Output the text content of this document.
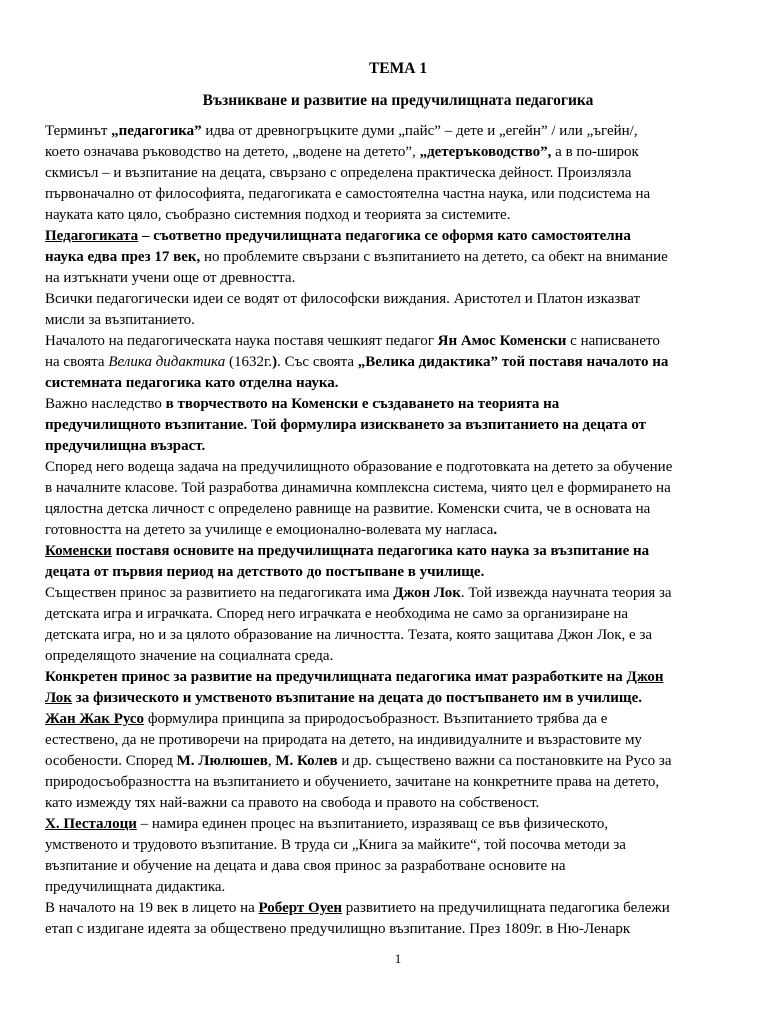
ТЕМА 1
Възникване и развитие на предучилищната педагогика
Терминът „педагогика” идва от древногръцките думи „пайс” – дете и „егейн” / или „ъгейн/,
което означава ръководство на детето, „водене на детето”, „детеръководство”, а в по-широк
скмисъл – и възпитание на децата, свързано с определена практическа дейност. Произлязла
първоначално от философията, педагогиката е самостоятелна частна наука, или подсистема на
науката като цяло, съобразно системния подход и теорията за системите.
Педагогиката – съответно предучилищната педагогика се оформя като самостоятелна
наука едва през 17 век, но проблемите свързани с възпитанието на детето, са обект на внимание
на изтъкнати учени още от древността.
Всички педагогически идеи се водят от философски виждания. Аристотел и Платон изказват
мисли за възпитанието.
Началото на педагогическата наука поставя чешкият педагог Ян Амос Коменски с написването
на своята Велика дидактика (1632г.). Със своята „Велика дидактика” той поставя началото на
системната педагогика като отделна наука.
Важно наследство в творчеството на Коменски е създаването на теорията на
предучилищното възпитание. Той формулира изискването за възпитанието на децата от
предучилищна възраст.
Според него водеща задача на предучилищното образование е подготовката на детето за обучение
в началните класове. Той разработва динамична комплексна система, чиято цел е формирането на
цялостна детска личност с определено равнище на развитие. Коменски счита, че в основата на
готовността на детето за училище е емоционално-волевата му нагласа.
Коменски поставя основите на предучилищната педагогика като наука за възпитание на
децата от първия период на детството до постъпване в училище.
Съществен принос за развитието на педагогиката има Джон Лок. Той извежда научната теория за
детската игра и играчката. Според него играчката е необходима не само за организиране на
детската игра, но и за цялото образование на личността. Тезата, която защитава Джон Лок, е за
определящото значение на социалната среда.
Конкретен принос за развитие на предучилищната педагогика имат разработките на Джон
Лок за физическото и умственото възпитание на децата до постъпването им в училище.
Жан Жак Русо формулира принципа за природосъобразност. Възпитанието трябва да е
естествено, да не противоречи на природата на детето, на индивидуалните и възрастовите му
особености. Според М. Люлюшев, М. Колев и др. съществено важни са постановките на Русо за
природосъобразността на възпитанието и обучението, зачитане на конкретните права на детето,
като измежду тях най-важни са правото на свобода и правото на собственост.
Х. Песталоци – намира единен процес на възпитанието, изразяващ се във физическото,
умственото и трудовото възпитание. В труда си „Книга за майките“, той посочва методи за
възпитание и обучение на децата и дава своя принос за разработване основите на
предучилищната дидактика.
В началото на 19 век в лицето на Роберт Оуен развитието на предучилищната педагогика бележи
етап с издигане идеята за обществено предучилищно възпитание. През 1809г. в Ню-Ленарк
1
